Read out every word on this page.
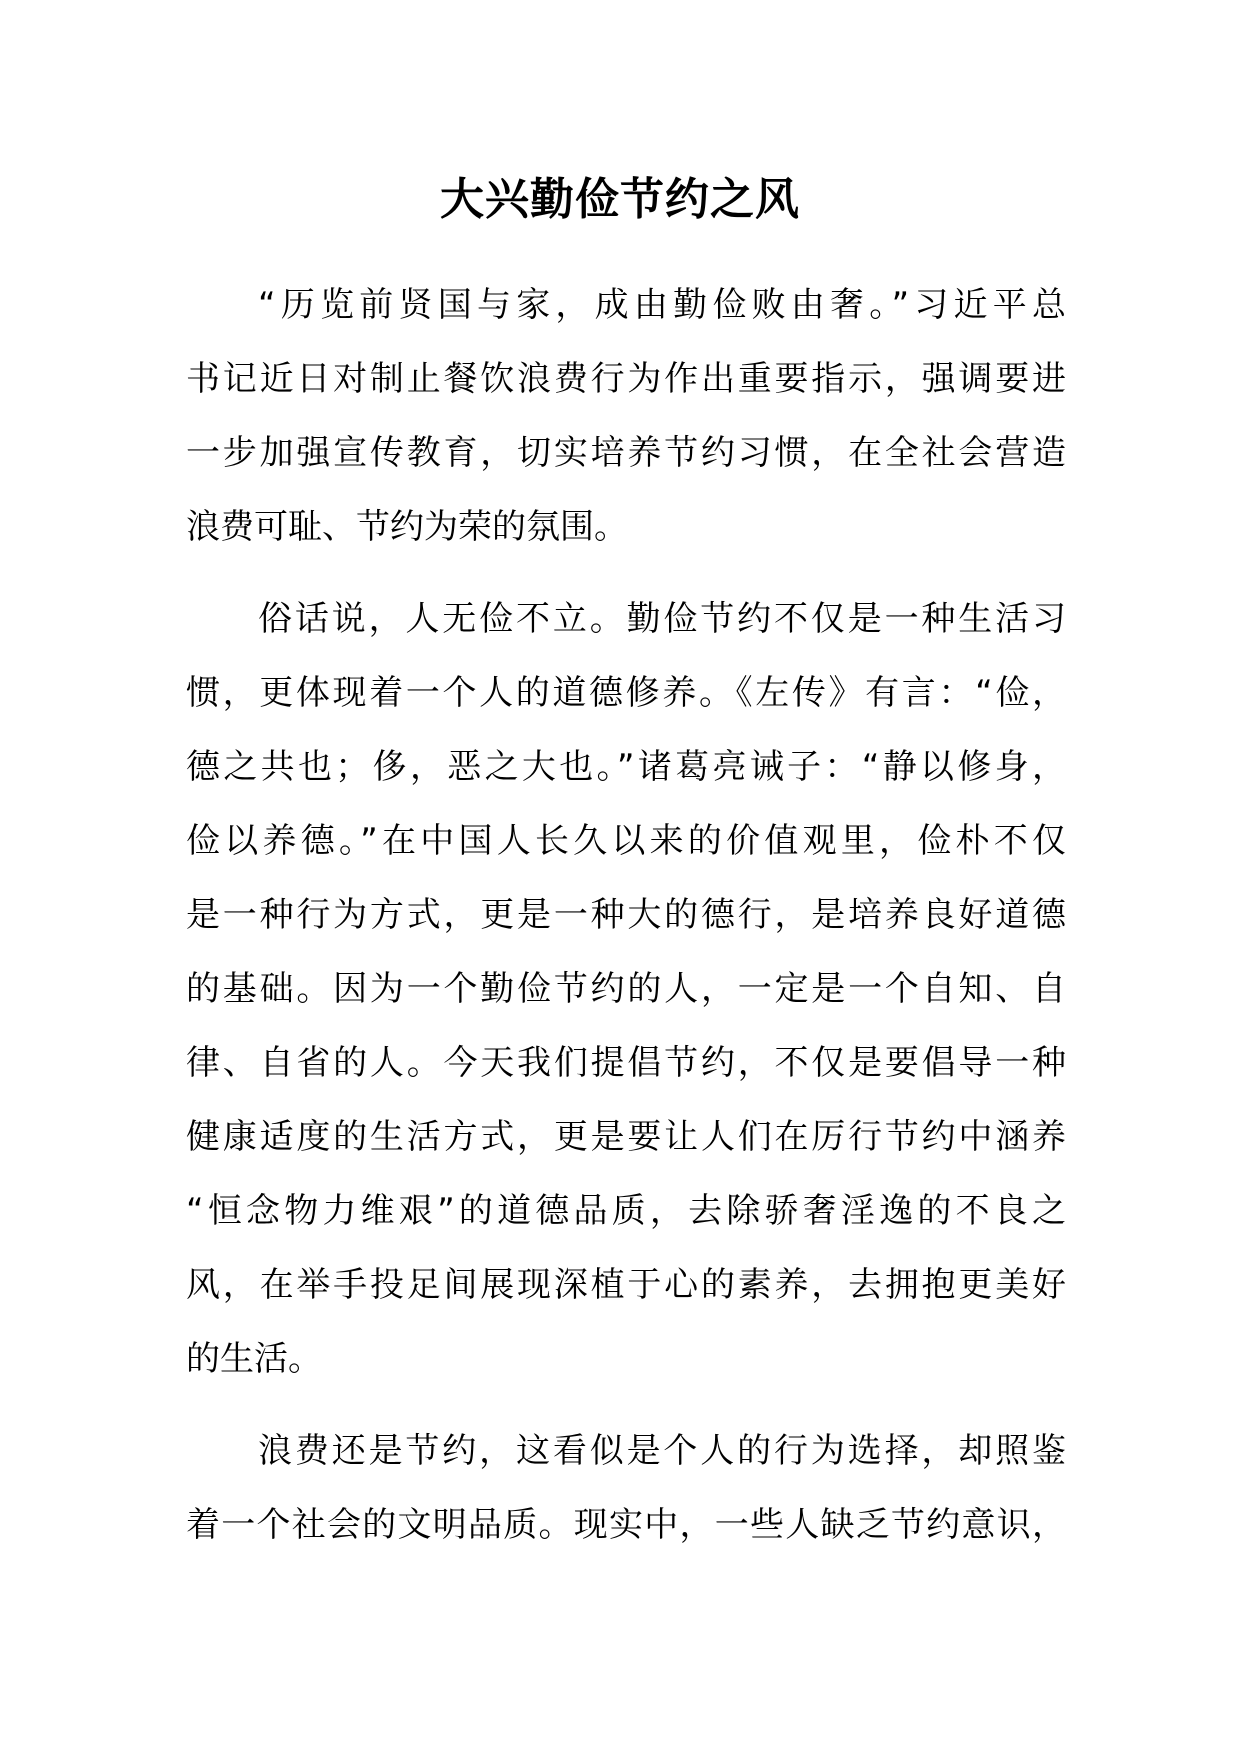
大兴勤俭节约之风

“历览前贤国与家，成由勤俭败由奢。”习近平总
书记近日对制止餐饮浪费行为作出重要指示，强调要进
一步加强宣传教育，切实培养节约习惯，在全社会营造
浪费可耻、节约为荣的氛围。

俗话说，人无俭不立。勤俭节约不仅是一种生活习
惯，更体现着一个人的道德修养。《左传》有言：“俭，
德之共也；侈，恶之大也。”诸葛亮诫子：“静以修身，
俭以养德。”在中国人长久以来的价值观里，俭朴不仅
是一种行为方式，更是一种大的德行，是培养良好道德
的基础。因为一个勤俭节约的人，一定是一个自知、自
律、自省的人。今天我们提倡节约，不仅是要倡导一种
健康适度的生活方式，更是要让人们在厉行节约中涵养
“恒念物力维艰”的道德品质，去除骄奢淫逸的不良之
风，在举手投足间展现深植于心的素养，去拥抱更美好
的生活。

浪费还是节约，这看似是个人的行为选择，却照鉴
着一个社会的文明品质。现实中，一些人缺乏节约意识，
